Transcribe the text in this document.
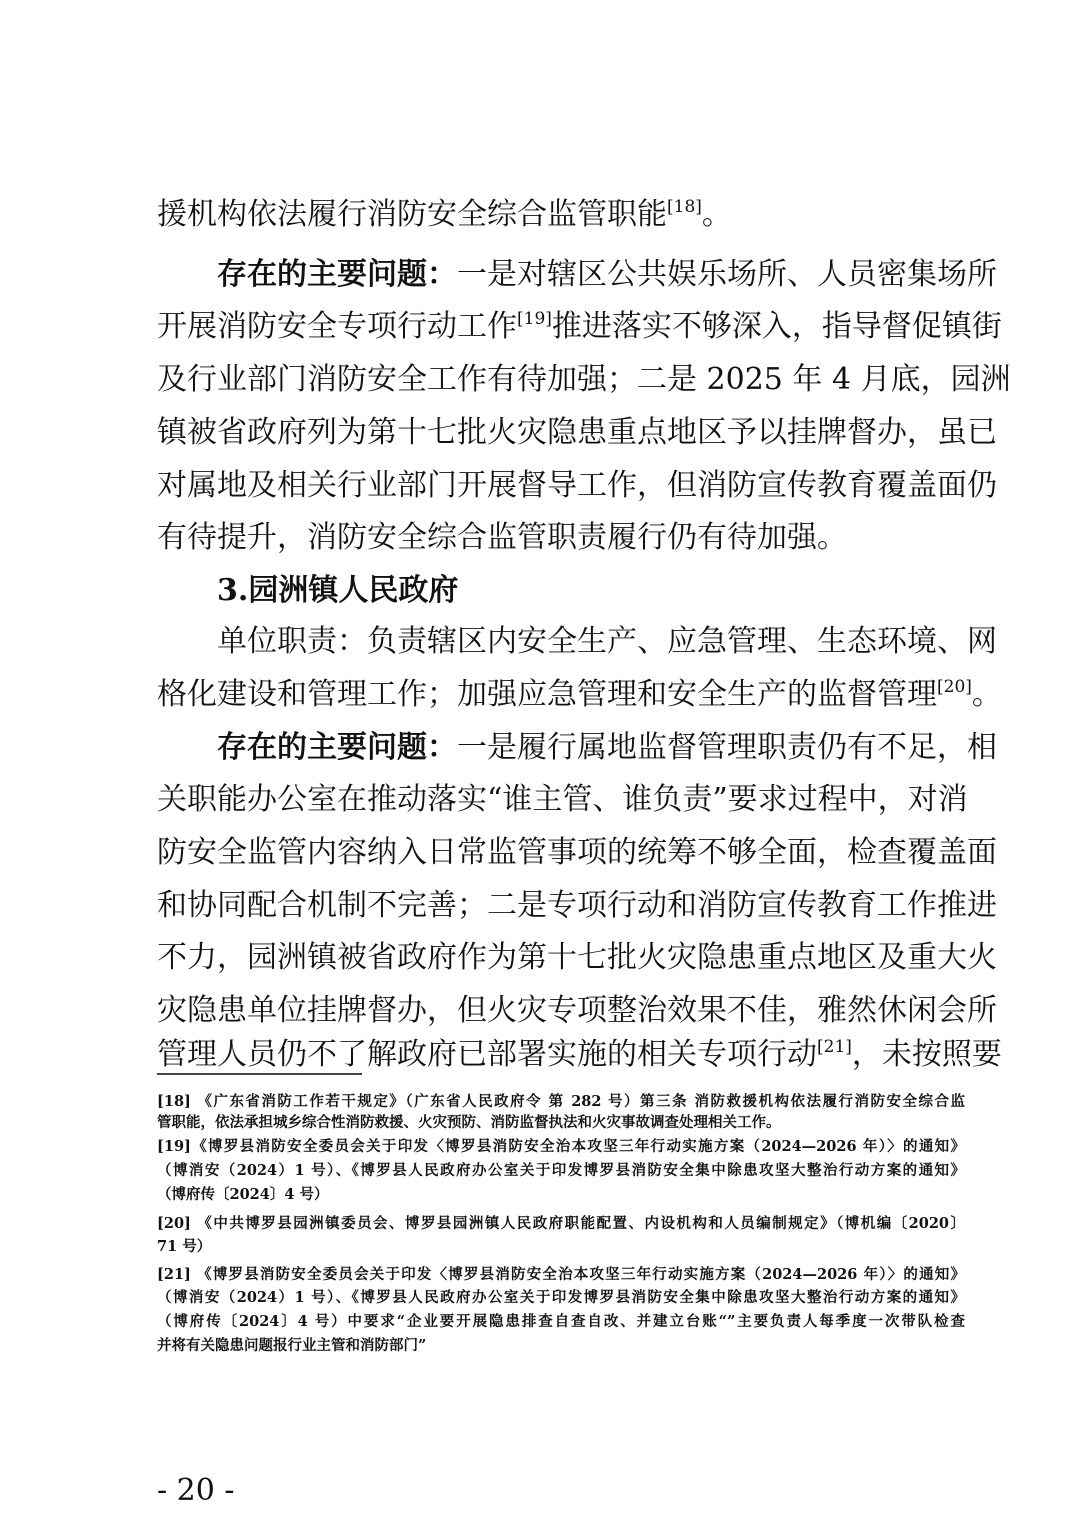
援机构依法履行消防安全综合监管职能[18]。
存在的主要问题：一是对辖区公共娱乐场所、人员密集场所
开展消防安全专项行动工作[19]推进落实不够深入，指导督促镇街
及行业部门消防安全工作有待加强；二是 2025 年 4 月底，园洲
镇被省政府列为第十七批火灾隐患重点地区予以挂牌督办，虽已
对属地及相关行业部门开展督导工作，但消防宣传教育覆盖面仍
有待提升，消防安全综合监管职责履行仍有待加强。
3.园洲镇人民政府
单位职责：负责辖区内安全生产、应急管理、生态环境、网
格化建设和管理工作；加强应急管理和安全生产的监督管理[20]。
存在的主要问题：一是履行属地监督管理职责仍有不足，相
关职能办公室在推动落实“谁主管、谁负责”要求过程中，对消
防安全监管内容纳入日常监管事项的统筹不够全面，检查覆盖面
和协同配合机制不完善；二是专项行动和消防宣传教育工作推进
不力，园洲镇被省政府作为第十七批火灾隐患重点地区及重大火
灾隐患单位挂牌督办，但火灾专项整治效果不佳，雅然休闲会所
管理人员仍不了解政府已部署实施的相关专项行动[21]，未按照要
[18] 《广东省消防工作若干规定》（广东省人民政府令 第 282 号）第三条 消防救援机构依法履行消防安全综合监
管职能，依法承担城乡综合性消防救援、火灾预防、消防监督执法和火灾事故调查处理相关工作。
[19]《博罗县消防安全委员会关于印发〈博罗县消防安全治本攻坚三年行动实施方案（2024—2026 年）〉的通知》
（博消安（2024）1 号）、《博罗县人民政府办公室关于印发博罗县消防安全集中除患攻坚大整治行动方案的通知》
（博府传〔2024〕4 号）
[20] 《中共博罗县园洲镇委员会、博罗县园洲镇人民政府职能配置、内设机构和人员编制规定》（博机编〔2020〕
71 号）
[21] 《博罗县消防安全委员会关于印发〈博罗县消防安全治本攻坚三年行动实施方案（2024—2026 年）〉的通知》
（博消安（2024）1 号）、《博罗县人民政府办公室关于印发博罗县消防安全集中除患攻坚大整治行动方案的通知》
（博府传〔2024〕4 号）中要求“企业要开展隐患排查自查自改、并建立台账“”主要负责人每季度一次带队检查
并将有关隐患问题报行业主管和消防部门”
- 20 -
